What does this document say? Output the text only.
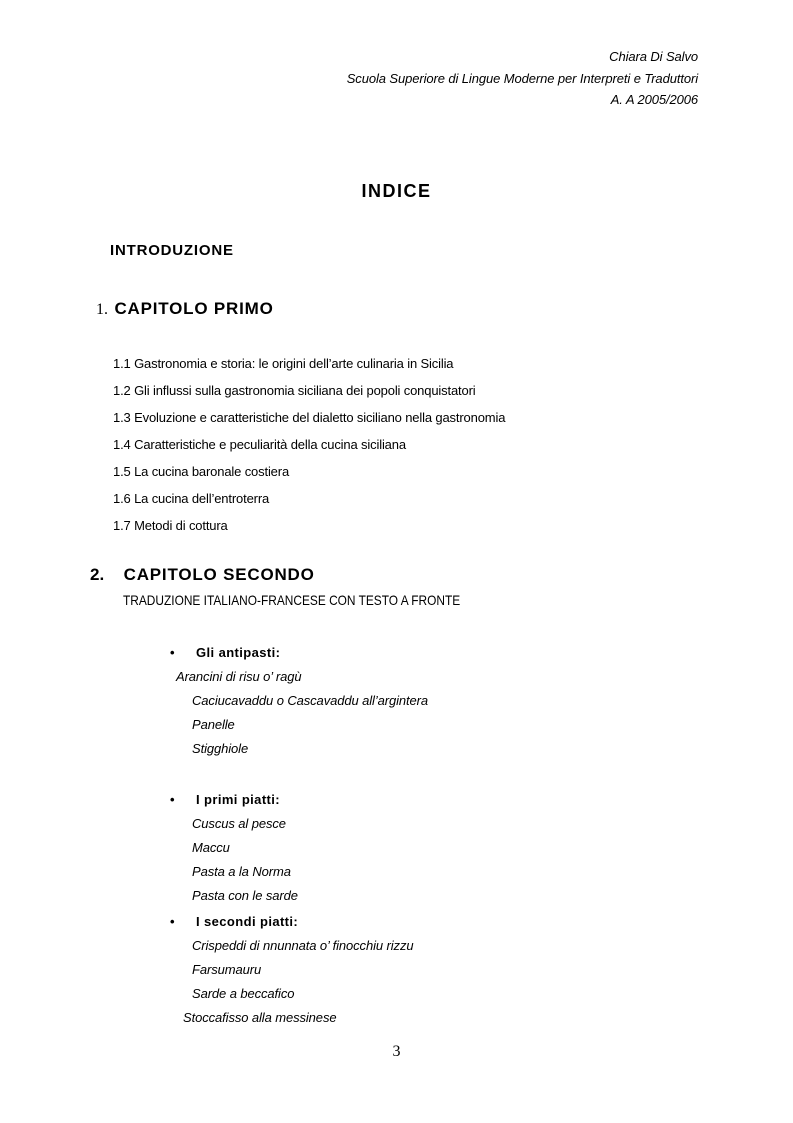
Chiara Di Salvo
Scuola Superiore di Lingue Moderne per Interpreti e Traduttori
A. A 2005/2006
INDICE
INTRODUZIONE
1. CAPITOLO PRIMO
1.1 Gastronomia e storia: le origini dell’arte culinaria in Sicilia
1.2 Gli influssi sulla gastronomia siciliana dei popoli conquistatori
1.3 Evoluzione e caratteristiche del dialetto siciliano nella gastronomia
1.4 Caratteristiche e peculiarità della cucina siciliana
1.5 La cucina baronale costiera
1.6 La cucina dell’entroterra
1.7 Metodi di cottura
2. CAPITOLO SECONDO
TRADUZIONE ITALIANO-FRANCESE CON TESTO A FRONTE
• Gli antipasti:
Arancini di risu o’ ragù
Caciucavaddu o Cascavaddu all’argintera
Panelle
Stigghiole
• I primi piatti:
Cuscus al pesce
Maccu
Pasta a la Norma
Pasta con le sarde
• I secondi piatti:
Crispeddi di nnunnata o’ finocchiu rizzu
Farsumauru
Sarde a beccafico
Stoccafisso alla messinese
3
